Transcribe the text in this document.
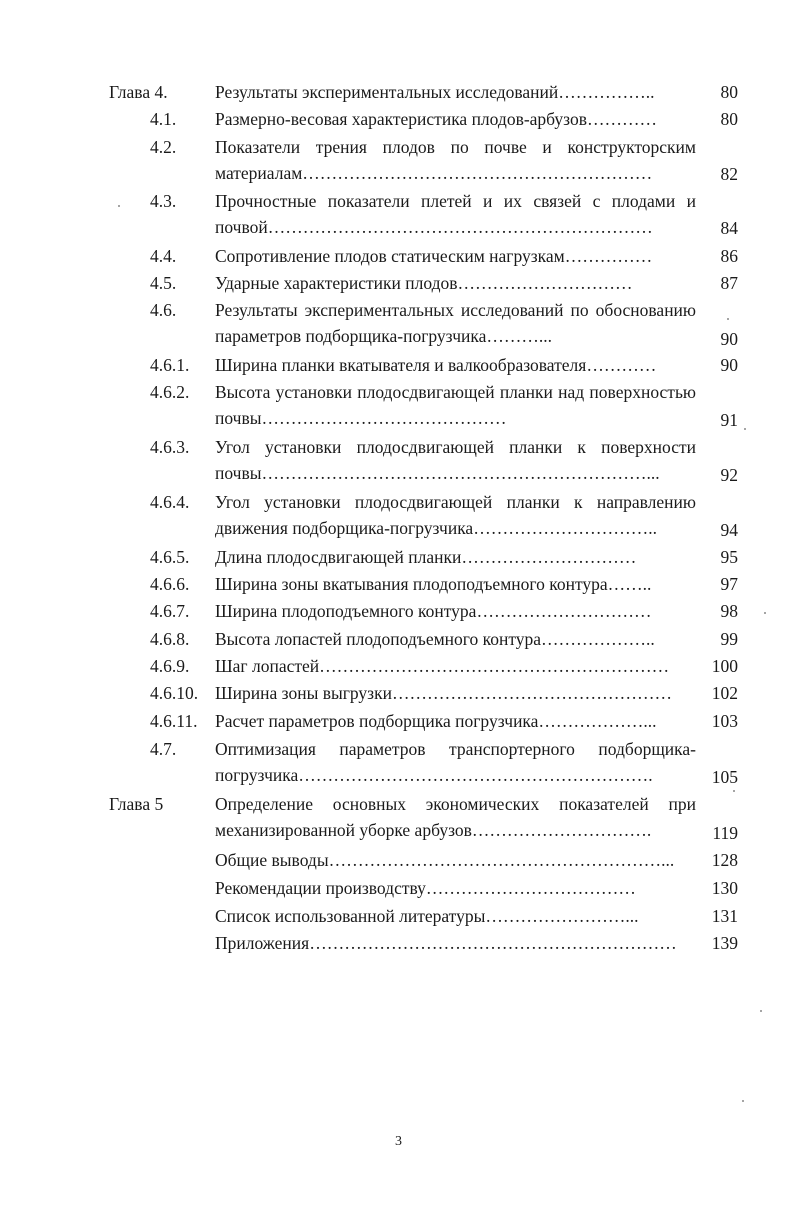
Глава 4.	Результаты экспериментальных исследований……………..	80
4.1. Размерно-весовая характеристика плодов-арбузов…………	80
4.2. Показатели трения плодов по почве и конструкторским материалам……………………………………………………	82
4.3. Прочностные показатели плетей и их связей с плодами и почвой…………………………………………………………	84
4.4. Сопротивление плодов статическим нагрузкам……………	86
4.5. Ударные характеристики плодов…………………………	87
4.6. Результаты экспериментальных исследований по обоснованию параметров подборщика-погрузчика………...	90
4.6.1. Ширина планки вкатывателя и валкообразователя…………	90
4.6.2. Высота установки плодосдвигающей планки над поверхностью почвы……………………………………	91
4.6.3. Угол установки плодосдвигающей планки к поверхности почвы…………………………………………………………...	92
4.6.4. Угол установки плодосдвигающей планки к направлению движения подборщика-погрузчика…………………………..	94
4.6.5. Длина плодосдвигающей планки…………………………	95
4.6.6. Ширина зоны вкатывания плодоподъемного контура……..	97
4.6.7. Ширина плодоподъемного контура…………………………	98
4.6.8. Высота лопастей плодоподъемного контура………………..	99
4.6.9. Шаг лопастей……………………………………………………	100
4.6.10. Ширина зоны выгрузки…………………………………………	102
4.6.11. Расчет параметров подборщика погрузчика………………...	103
4.7. Оптимизация параметров транспортерного подборщика-погрузчика…………………………………………………….	105
Глава 5	Определение основных экономических показателей при механизированной уборке арбузов………………………….	119
Общие выводы…………………………………………………...	128
Рекомендации производству………………………………	130
Список использованной литературы……………………...	131
Приложения………………………………………………………	139
3
